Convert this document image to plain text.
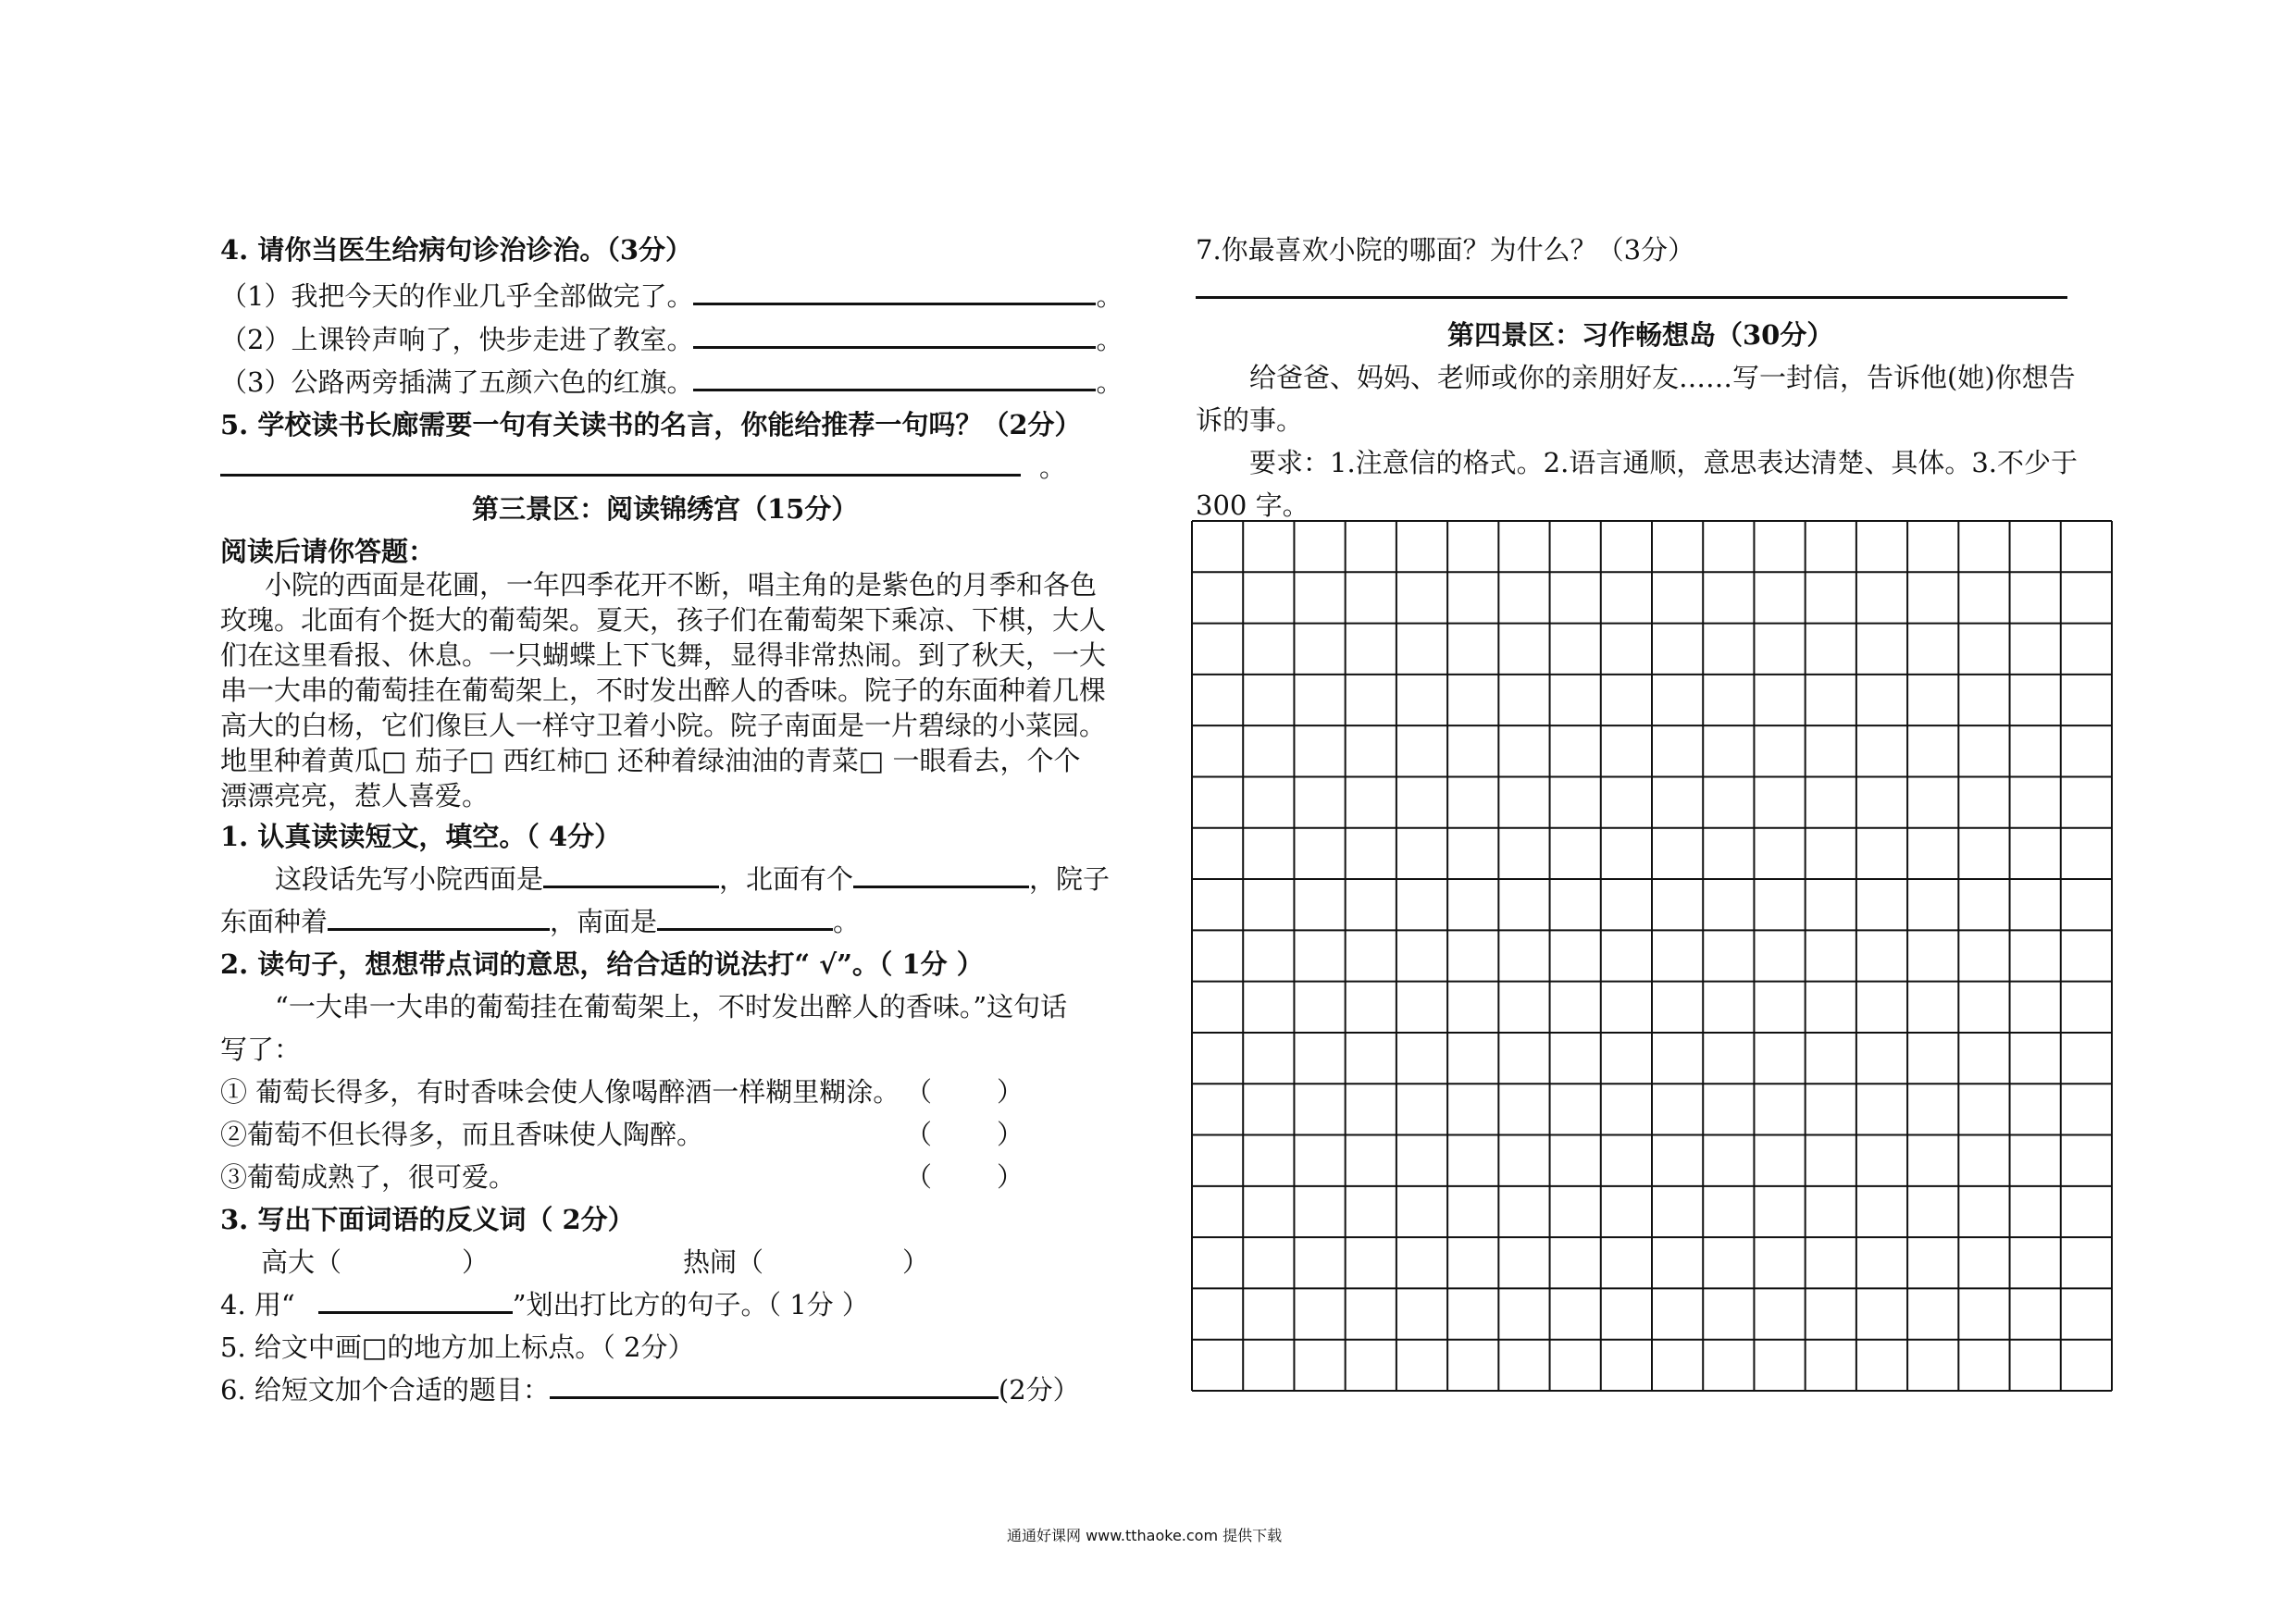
4. 请你当医生给病句诊治诊治。（3分）
（1）我把今天的作业几乎全部做完了。	。
（2）上课铃声响了，快步走进了教室。	。
（3）公路两旁插满了五颜六色的红旗。	。
5. 学校读书长廊需要一句有关读书的名言，你能给推荐一句吗？（2分）
。
第三景区：阅读锦绣宫（15分）
阅读后请你答题：
小院的西面是花圃，一年四季花开不断，唱主角的是紫色的月季和各色
玫瑰。北面有个挺大的葡萄架。夏天，孩子们在葡萄架下乘凉、下棋，大人
们在这里看报、休息。一只蝴蝶上下飞舞，显得非常热闹。到了秋天，一大
串一大串的葡萄挂在葡萄架上，不时发出醉人的香味。院子的东面种着几棵
高大的白杨，它们像巨人一样守卫着小院。院子南面是一片碧绿的小菜园。
地里种着黄瓜□ 茄子□ 西红柿□ 还种着绿油油的青菜□ 一眼看去，个个
漂漂亮亮，惹人喜爱。
1. 认真读读短文，填空。（ 4分）
这段话先写小院西面是	，北面有个	，院子
东面种着	，南面是	。
2. 读句子，想想带点词的意思，给合适的说法打“ √”。（ 1分 ）
“一大串一大串的葡萄挂在葡萄架上，不时发出醉人的香味。”这句话
写了：
① 葡萄长得多，有时香味会使人像喝醉酒一样糊里糊涂。 （ ）
②葡萄不但长得多，而且香味使人陶醉。	（ ）
③葡萄成熟了，很可爱。	（ ）
3. 写出下面词语的反义词（ 2分）
高大（	）	热闹（	）
4. 用“	”划出打比方的句子。（ 1分 ）
5. 给文中画□的地方加上标点。（ 2分）
6. 给短文加个合适的题目：	(2分）
7.你最喜欢小院的哪面？为什么？（3分）
第四景区：习作畅想岛（30分）
给爸爸、妈妈、老师或你的亲朋好友……写一封信，告诉他(她)你想告
诉的事。
要求：1.注意信的格式。2.语言通顺，意思表达清楚、具体。3.不少于
300 字。
通通好课网 www.tthaoke.com 提供下载
